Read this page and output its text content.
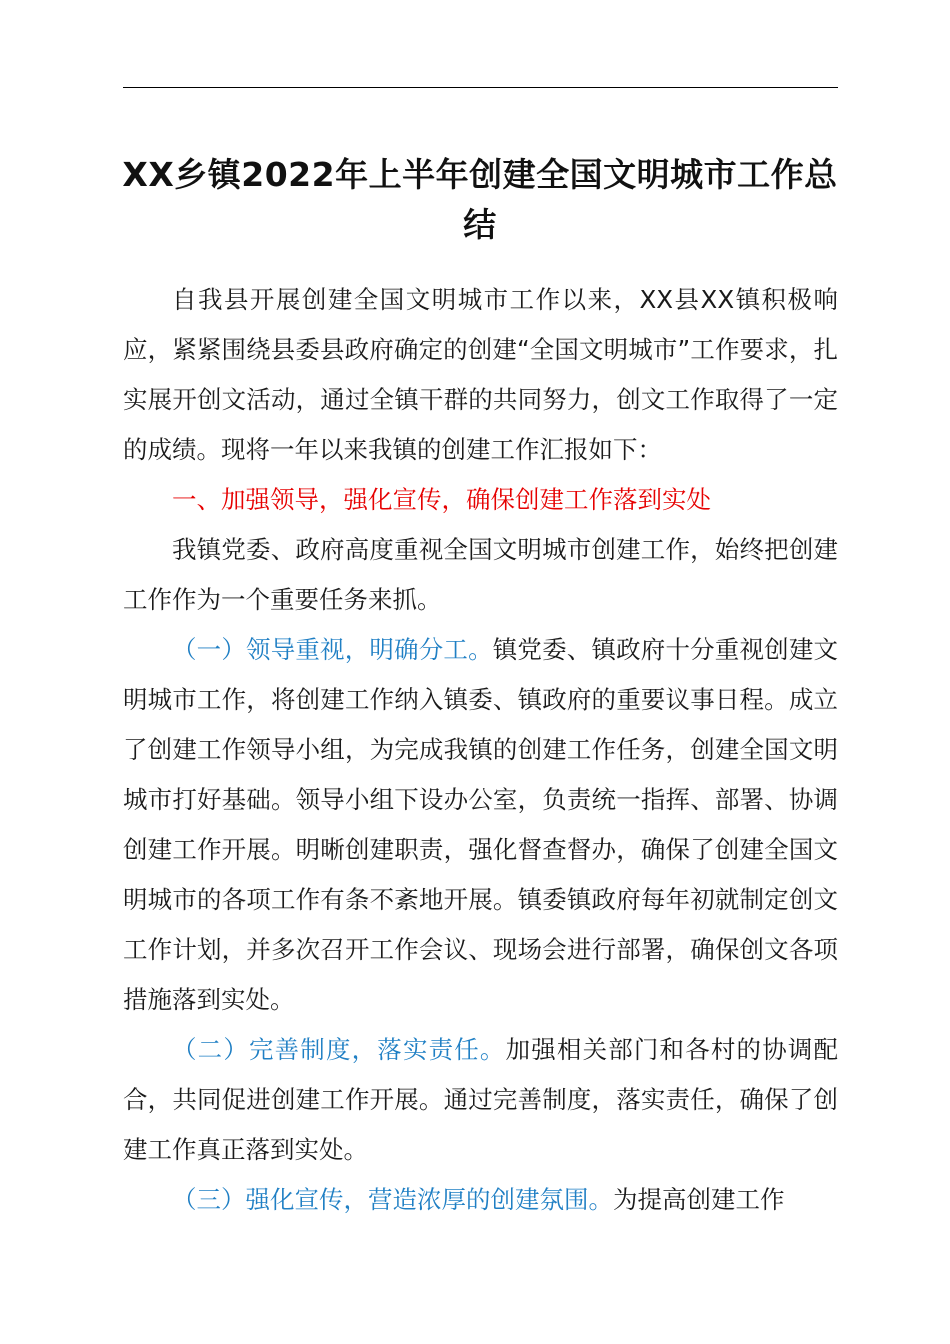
XX乡镇2022年上半年创建全国文明城市工作总结

自我县开展创建全国文明城市工作以来，XX县XX镇积极响应，紧紧围绕县委县政府确定的创建“全国文明城市”工作要求，扎实展开创文活动，通过全镇干群的共同努力，创文工作取得了一定的成绩。现将一年以来我镇的创建工作汇报如下：

一、加强领导，强化宣传，确保创建工作落到实处

我镇党委、政府高度重视全国文明城市创建工作，始终把创建工作作为一个重要任务来抓。

（一）领导重视，明确分工。镇党委、镇政府十分重视创建文明城市工作，将创建工作纳入镇委、镇政府的重要议事日程。成立了创建工作领导小组，为完成我镇的创建工作任务，创建全国文明城市打好基础。领导小组下设办公室，负责统一指挥、部署、协调创建工作开展。明晰创建职责，强化督查督办，确保了创建全国文明城市的各项工作有条不紊地开展。镇委镇政府每年初就制定创文工作计划，并多次召开工作会议、现场会进行部署，确保创文各项措施落到实处。

（二）完善制度，落实责任。加强相关部门和各村的协调配合，共同促进创建工作开展。通过完善制度，落实责任，确保了创建工作真正落到实处。

（三）强化宣传，营造浓厚的创建氛围。为提高创建工作
